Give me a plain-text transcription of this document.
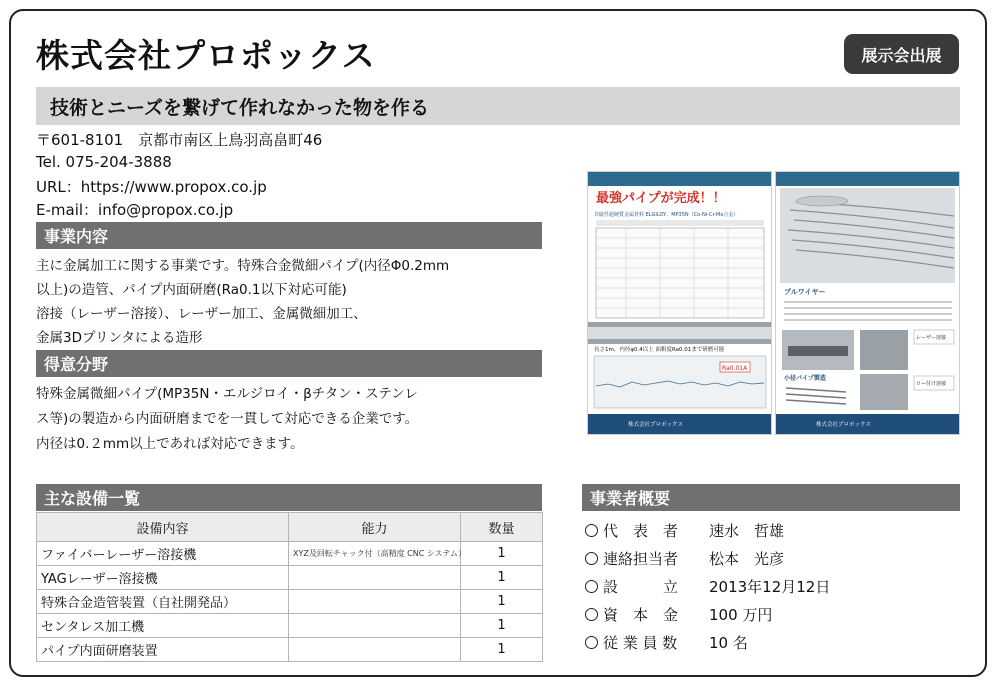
株式会社プロポックス	展示会出展
技術とニーズを繋げて作れなかった物を作る
〒601-8101　京都市南区上鳥羽高畠町46
Tel. 075-204-3888
URL：https://www.propox.co.jp
E-mail：info@propox.co.jp
事業内容
主に金属加工に関する事業です。特殊合金微細パイプ(内径Φ0.2mm
以上)の造管、パイプ内面研磨(Ra0.1以下対応可能)
溶接（レーザー溶接）、レーザー加工、金属微細加工、
金属3Dプリンタによる造形
得意分野
特殊金属微細パイプ(MP35N・エルジロイ・βチタン・ステンレ
ス等)の製造から内面研磨までを一貫して対応できる企業です。
内径は0.２mm以上であれば対応できます。
最強パイプが完成！！
非磁性超硬質金属材料 ELGILOY、MP35N（Co-Ni-Cr-Mo合金）
長さ1m、内径φ0.4以上 面粗度Ra0.01まで研磨可能
Ra0.01A
株式会社プロポックス
プルワイヤー
レーザー溶接
小径パイプ製造
ロー付け溶接
株式会社プロポックス
主な設備一覧
設備内容	能力	数量
ファイバーレーザー溶接機	XYZ及回転チャック付（高精度 CNC システム）	1
YAGレーザー溶接機		1
特殊合金造管装置（自社開発品）		1
センタレス加工機		1
パイプ内面研磨装置		1
事業者概要
代　表　者	速水　哲雄
連絡担当者	松本　光彦
設　　　立	2013年12月12日
資　本　金	100 万円
従 業 員 数	10 名
